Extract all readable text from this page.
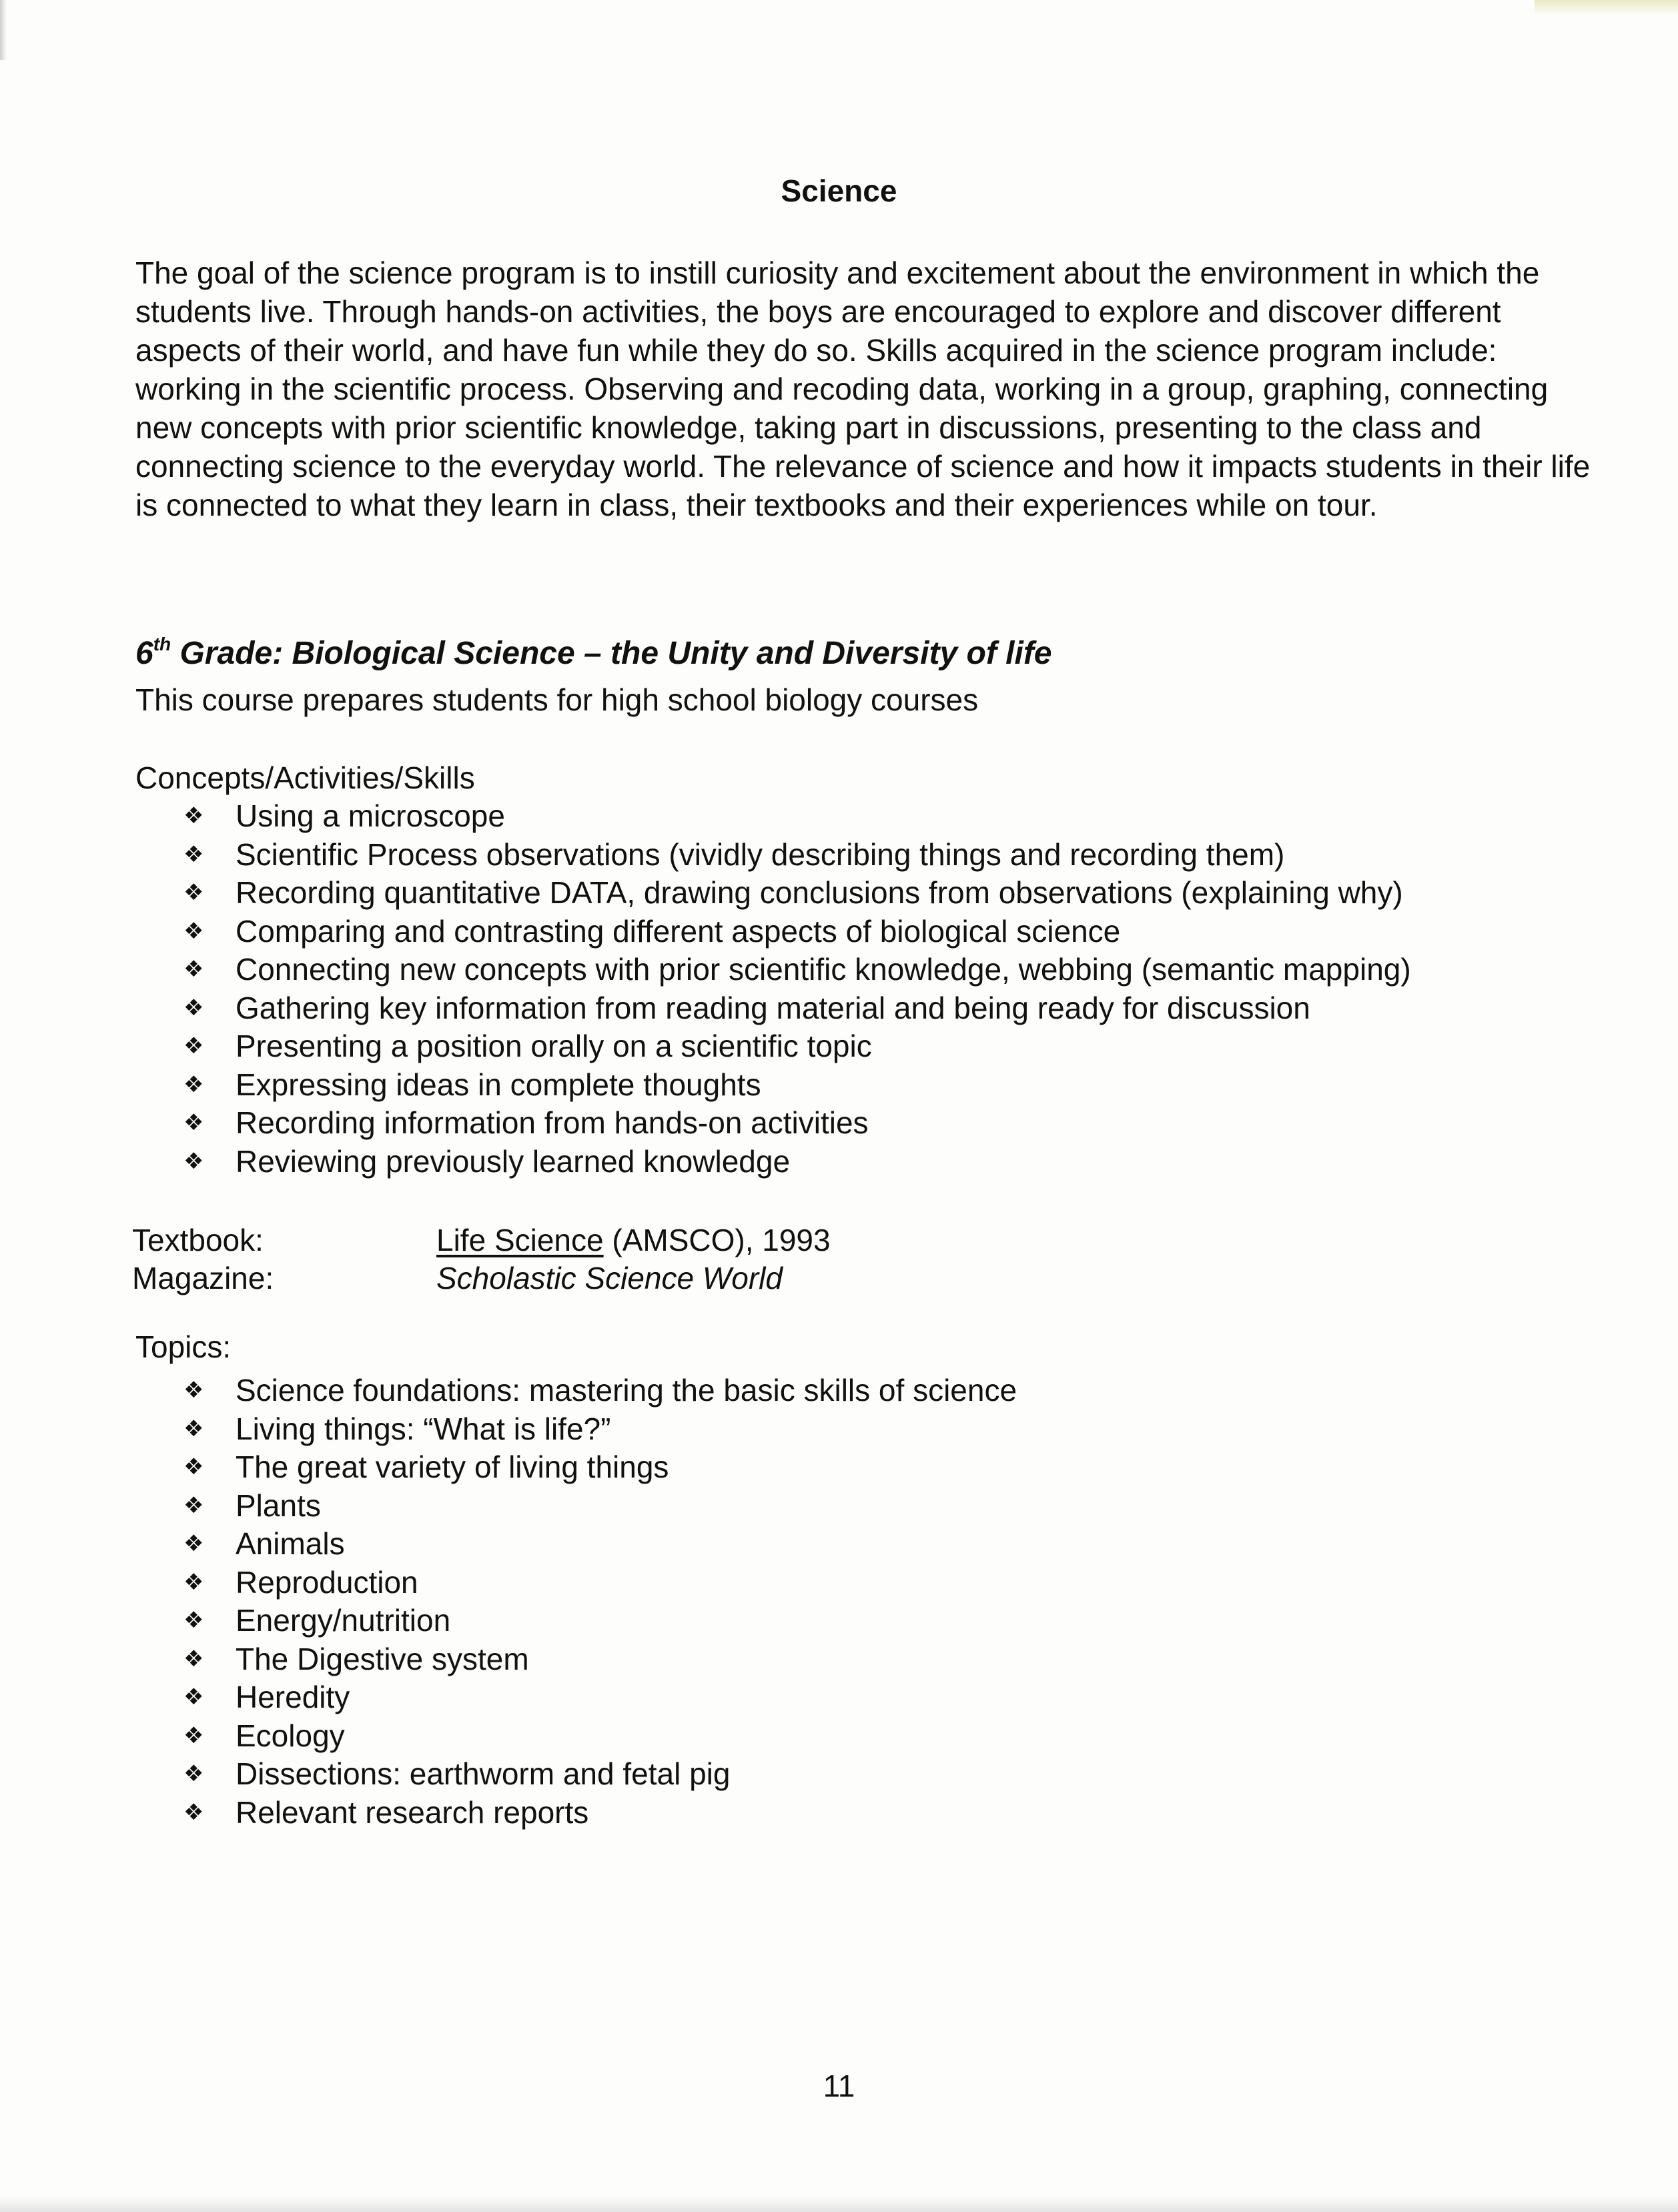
Science

The goal of the science program is to instill curiosity and excitement about the environment in which the students live. Through hands-on activities, the boys are encouraged to explore and discover different aspects of their world, and have fun while they do so. Skills acquired in the science program include: working in the scientific process. Observing and recoding data, working in a group, graphing, connecting new concepts with prior scientific knowledge, taking part in discussions, presenting to the class and connecting science to the everyday world. The relevance of science and how it impacts students in their life is connected to what they learn in class, their textbooks and their experiences while on tour.

6th Grade: Biological Science – the Unity and Diversity of life

This course prepares students for high school biology courses

Concepts/Activities/Skills

❖ Using a microscope
❖ Scientific Process observations (vividly describing things and recording them)
❖ Recording quantitative DATA, drawing conclusions from observations (explaining why)
❖ Comparing and contrasting different aspects of biological science
❖ Connecting new concepts with prior scientific knowledge, webbing (semantic mapping)
❖ Gathering key information from reading material and being ready for discussion
❖ Presenting a position orally on a scientific topic
❖ Expressing ideas in complete thoughts
❖ Recording information from hands-on activities
❖ Reviewing previously learned knowledge
Textbook:	Life Science (AMSCO), 1993
Magazine:	Scholastic Science World

Topics:

❖ Science foundations: mastering the basic skills of science
❖ Living things: “What is life?”
❖ The great variety of living things
❖ Plants
❖ Animals
❖ Reproduction
❖ Energy/nutrition
❖ The Digestive system
❖ Heredity
❖ Ecology
❖ Dissections: earthworm and fetal pig
❖ Relevant research reports
11
